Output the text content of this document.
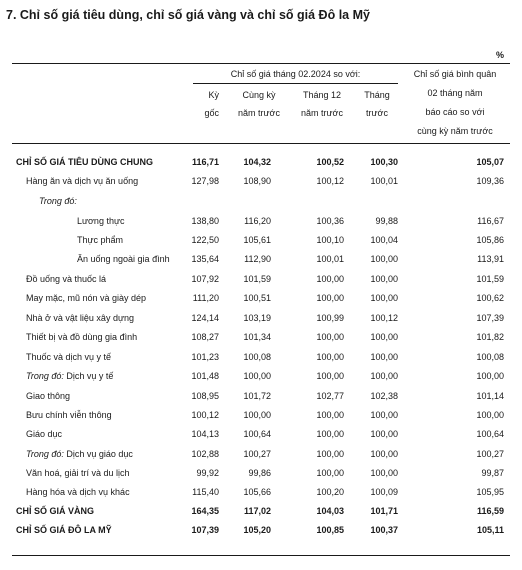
7. Chỉ số giá tiêu dùng, chỉ số giá vàng và chỉ số giá Đô la Mỹ
%
Chỉ số giá tháng 02.2024 so với:
Kỳ
gốc
Cùng kỳ
năm trước
Tháng 12
năm trước
Tháng
trước
Chỉ số giá bình quân
02 tháng năm
báo cáo so với
cùng kỳ năm trước
CHỈ SỐ GIÁ TIÊU DÙNG CHUNG	116,71	104,32	100,52	100,30	105,07
Hàng ăn và dịch vụ ăn uống	127,98	108,90	100,12	100,01	109,36
Trong đó:
Lương thực	138,80	116,20	100,36	99,88	116,67
Thực phẩm	122,50	105,61	100,10	100,04	105,86
Ăn uống ngoài gia đình	135,64	112,90	100,01	100,00	113,91
Đồ uống và thuốc lá	107,92	101,59	100,00	100,00	101,59
May mặc, mũ nón và giày dép	111,20	100,51	100,00	100,00	100,62
Nhà ở và vật liệu xây dựng	124,14	103,19	100,99	100,12	107,39
Thiết bị và đồ dùng gia đình	108,27	101,34	100,00	100,00	101,82
Thuốc và dịch vụ y tế	101,23	100,08	100,00	100,00	100,08
Trong đó: Dịch vụ y tế	101,48	100,00	100,00	100,00	100,00
Giao thông	108,95	101,72	102,77	102,38	101,14
Bưu chính viễn thông	100,12	100,00	100,00	100,00	100,00
Giáo dục	104,13	100,64	100,00	100,00	100,64
Trong đó: Dịch vụ giáo dục	102,88	100,27	100,00	100,00	100,27
Văn hoá, giải trí và du lịch	99,92	99,86	100,00	100,00	99,87
Hàng hóa và dịch vụ khác	115,40	105,66	100,20	100,09	105,95
CHỈ SỐ GIÁ VÀNG	164,35	117,02	104,03	101,71	116,59
CHỈ SỐ GIÁ ĐÔ LA MỸ	107,39	105,20	100,85	100,37	105,11
